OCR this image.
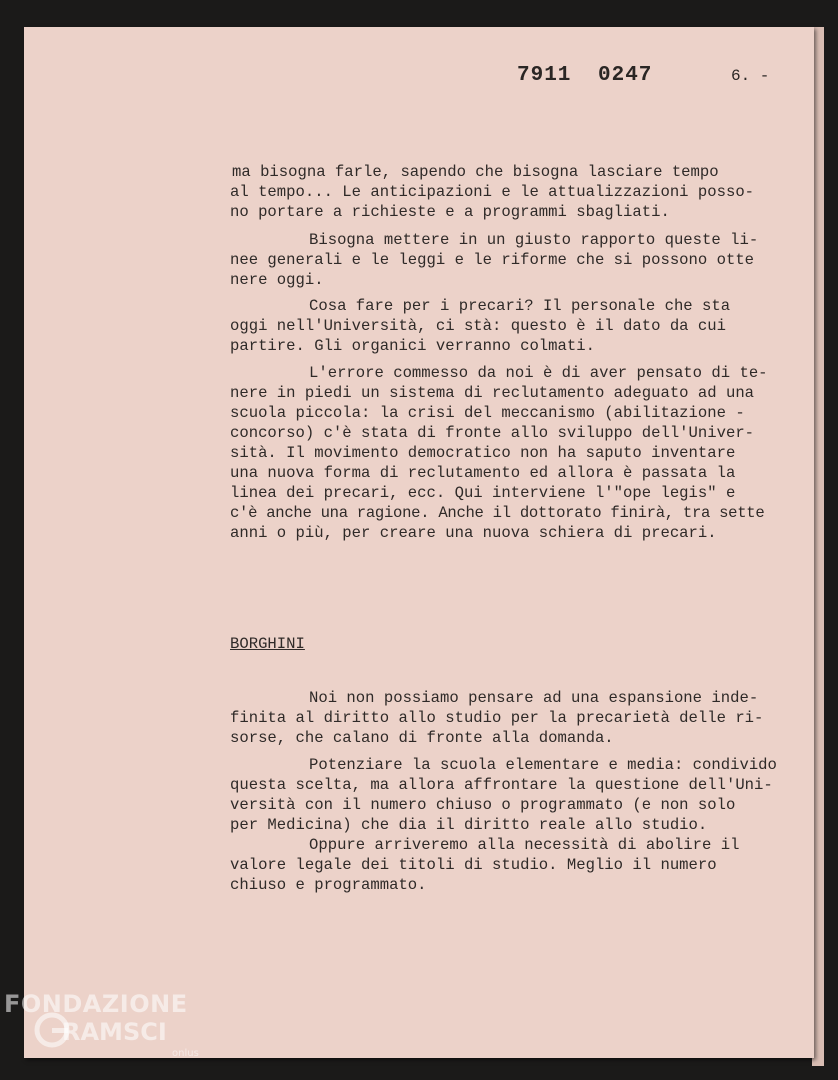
7911 0247	6. -
ma bisogna farle, sapendo che bisogna lasciare tempo
al tempo... Le anticipazioni e le attualizzazioni posso-
no portare a richieste e a programmi sbagliati.
Bisogna mettere in un giusto rapporto queste li-
nee generali e le leggi e le riforme che si possono otte
nere oggi.
Cosa fare per i precari? Il personale che sta
oggi nell'Università, ci stà: questo è il dato da cui
partire. Gli organici verranno colmati.
L'errore commesso da noi è di aver pensato di te-
nere in piedi un sistema di reclutamento adeguato ad una
scuola piccola: la crisi del meccanismo (abilitazione -
concorso) c'è stata di fronte allo sviluppo dell'Univer-
sità. Il movimento democratico non ha saputo inventare
una nuova forma di reclutamento ed allora è passata la
linea dei precari, ecc. Qui interviene l'"ope legis" e
c'è anche una ragione. Anche il dottorato finirà, tra sette
anni o più, per creare una nuova schiera di precari.
BORGHINI
Noi non possiamo pensare ad una espansione inde-
finita al diritto allo studio per la precarietà delle ri-
sorse, che calano di fronte alla domanda.
Potenziare la scuola elementare e media: condivido
questa scelta, ma allora affrontare la questione dell'Uni-
versità con il numero chiuso o programmato (e non solo
per Medicina) che dia il diritto reale allo studio.
Oppure arriveremo alla necessità di abolire il
valore legale dei titoli di studio. Meglio il numero
chiuso e programmato.
FONDAZIONE
RAMSCI
onlus
